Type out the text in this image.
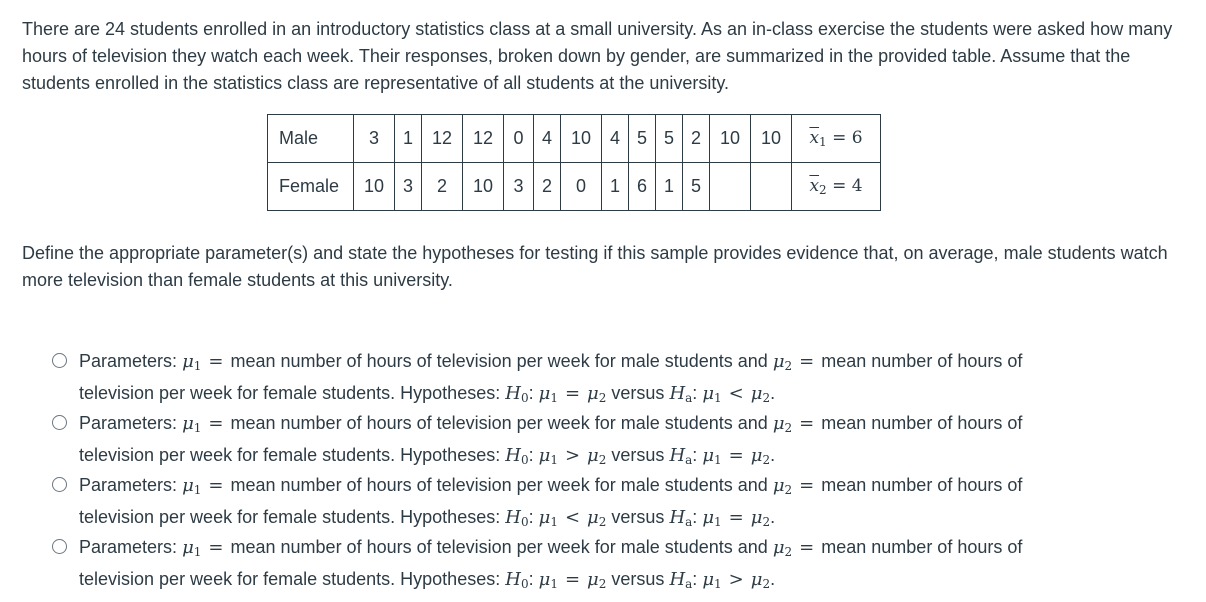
There are 24 students enrolled in an introductory statistics class at a small university. As an in-class exercise the students were asked how many hours of television they watch each week. Their responses, broken down by gender, are summarized in the provided table. Assume that the students enrolled in the statistics class are representative of all students at the university.

Male	3	1	12	12	0	4	10	4	5	5	2	10	10	$\overline{x}_1 = 6$
Female	10	3	2	10	3	2	0	1	6	1	5			$\overline{x}_2 = 4$

Define the appropriate parameter(s) and state the hypotheses for testing if this sample provides evidence that, on average, male students watch more television than female students at this university.

Parameters: μ1 = mean number of hours of television per week for male students and μ2 = mean number of hours of
television per week for female students. Hypotheses: H0: μ1 = μ2 versus Ha: μ1 < μ2.
Parameters: μ1 = mean number of hours of television per week for male students and μ2 = mean number of hours of
television per week for female students. Hypotheses: H0: μ1 > μ2 versus Ha: μ1 = μ2.
Parameters: μ1 = mean number of hours of television per week for male students and μ2 = mean number of hours of
television per week for female students. Hypotheses: H0: μ1 < μ2 versus Ha: μ1 = μ2.
Parameters: μ1 = mean number of hours of television per week for male students and μ2 = mean number of hours of
television per week for female students. Hypotheses: H0: μ1 = μ2 versus Ha: μ1 > μ2.
